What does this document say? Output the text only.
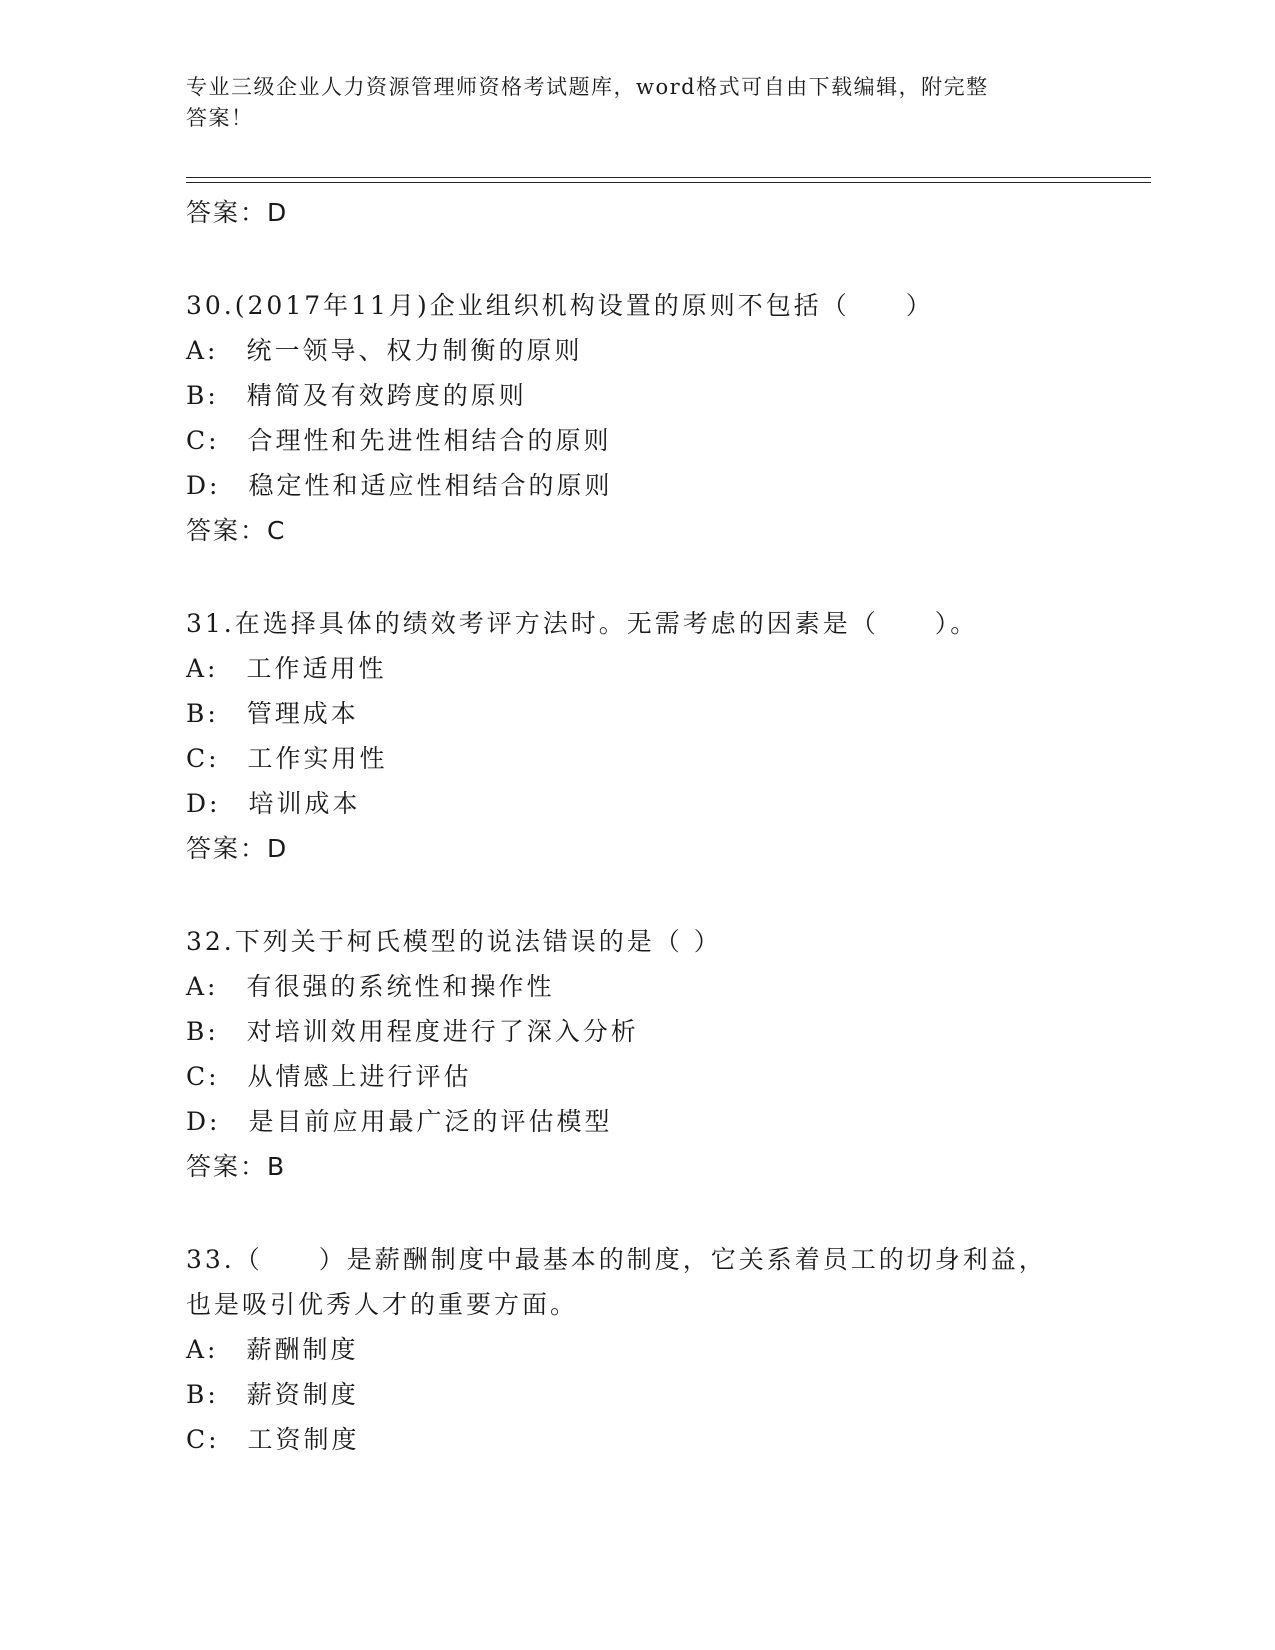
专业三级企业人力资源管理师资格考试题库，word格式可自由下载编辑，附完整
答案！
答案：D
30.(2017年11月)企业组织机构设置的原则不包括（　　）
A:　统一领导、权力制衡的原则
B:　精简及有效跨度的原则
C:　合理性和先进性相结合的原则
D:　稳定性和适应性相结合的原则
答案：C
31.在选择具体的绩效考评方法时。无需考虑的因素是（　　）。
A:　工作适用性
B:　管理成本
C:　工作实用性
D:　培训成本
答案：D
32.下列关于柯氏模型的说法错误的是（ ）
A:　有很强的系统性和操作性
B:　对培训效用程度进行了深入分析
C:　从情感上进行评估
D:　是目前应用最广泛的评估模型
答案：B
33.（　　）是薪酬制度中最基本的制度，它关系着员工的切身利益，
也是吸引优秀人才的重要方面。
A:　薪酬制度
B:　薪资制度
C:　工资制度
